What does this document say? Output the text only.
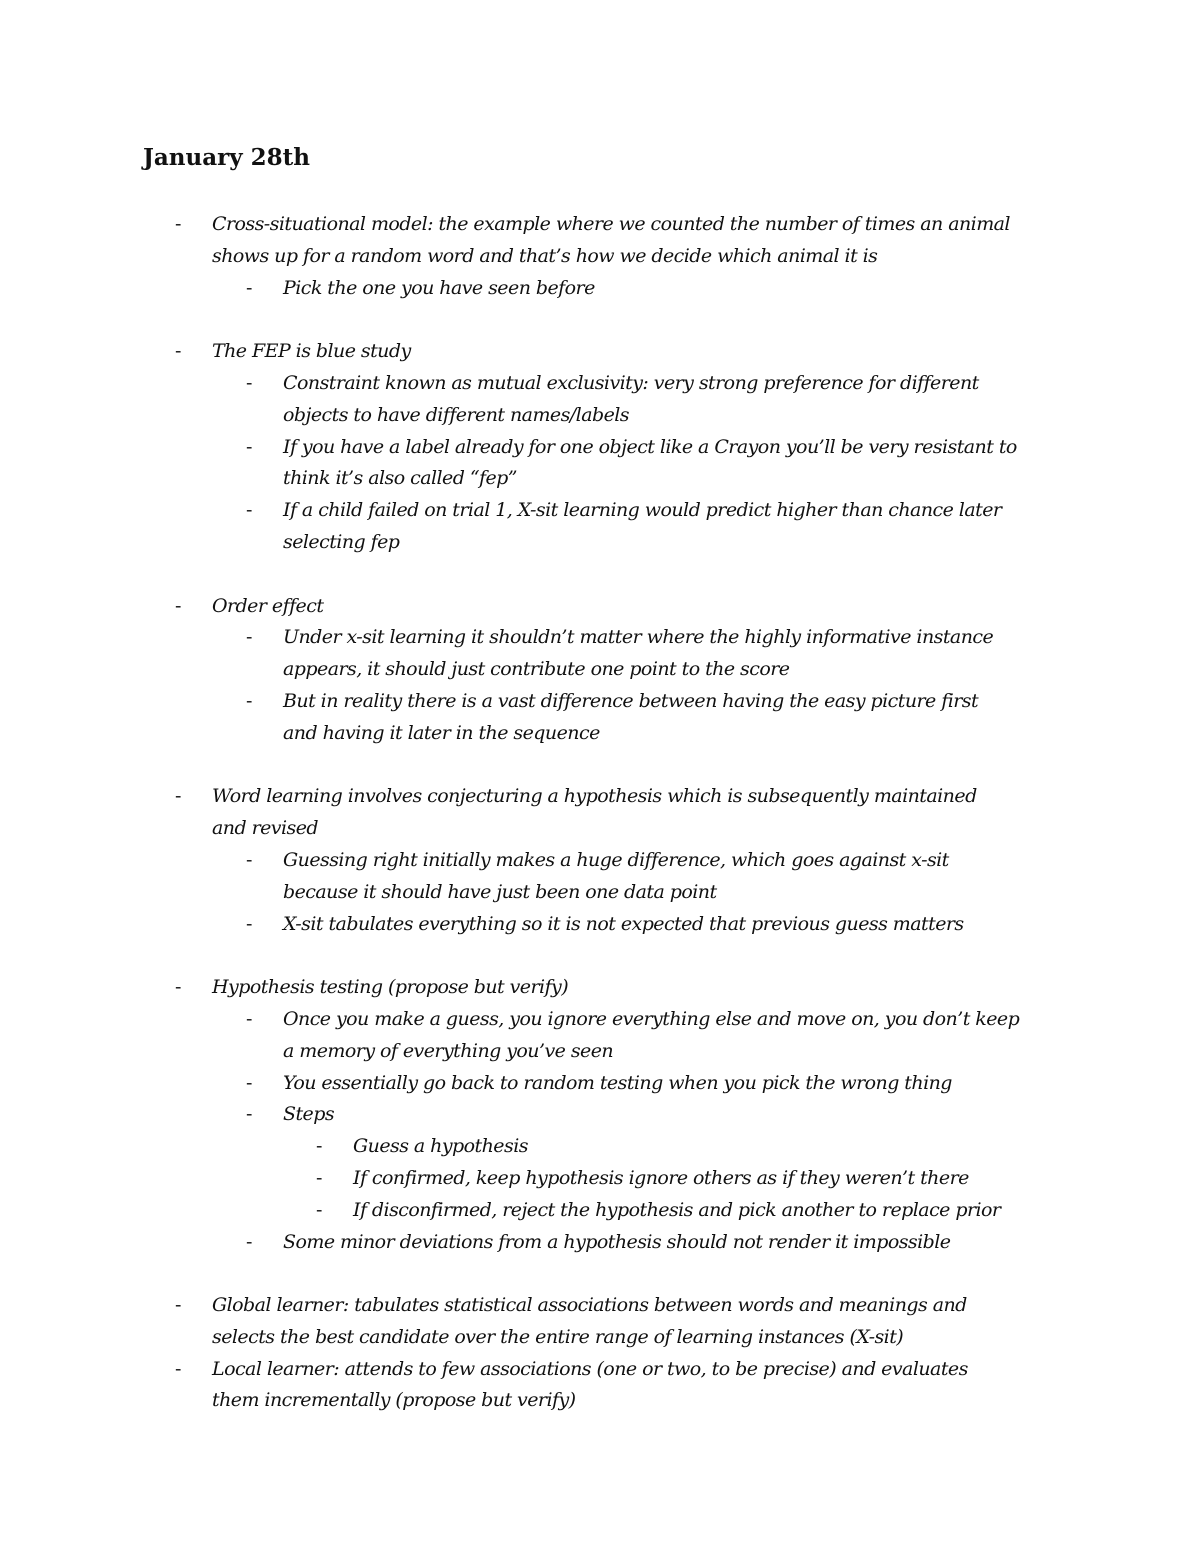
January 28th
- Cross-situational model: the example where we counted the number of times an animal
shows up for a random word and that’s how we decide which animal it is
- Pick the one you have seen before
- The FEP is blue study
- Constraint known as mutual exclusivity: very strong preference for different
objects to have different names/labels
- If you have a label already for one object like a Crayon you’ll be very resistant to
think it’s also called “fep”
- If a child failed on trial 1, X-sit learning would predict higher than chance later
selecting fep
- Order effect
- Under x-sit learning it shouldn’t matter where the highly informative instance
appears, it should just contribute one point to the score
- But in reality there is a vast difference between having the easy picture first
and having it later in the sequence
- Word learning involves conjecturing a hypothesis which is subsequently maintained
and revised
- Guessing right initially makes a huge difference, which goes against x-sit
because it should have just been one data point
- X-sit tabulates everything so it is not expected that previous guess matters
- Hypothesis testing (propose but verify)
- Once you make a guess, you ignore everything else and move on, you don’t keep
a memory of everything you’ve seen
- You essentially go back to random testing when you pick the wrong thing
- Steps
- Guess a hypothesis
- If confirmed, keep hypothesis ignore others as if they weren’t there
- If disconfirmed, reject the hypothesis and pick another to replace prior
- Some minor deviations from a hypothesis should not render it impossible
- Global learner: tabulates statistical associations between words and meanings and
selects the best candidate over the entire range of learning instances (X-sit)
- Local learner: attends to few associations (one or two, to be precise) and evaluates
them incrementally (propose but verify)
